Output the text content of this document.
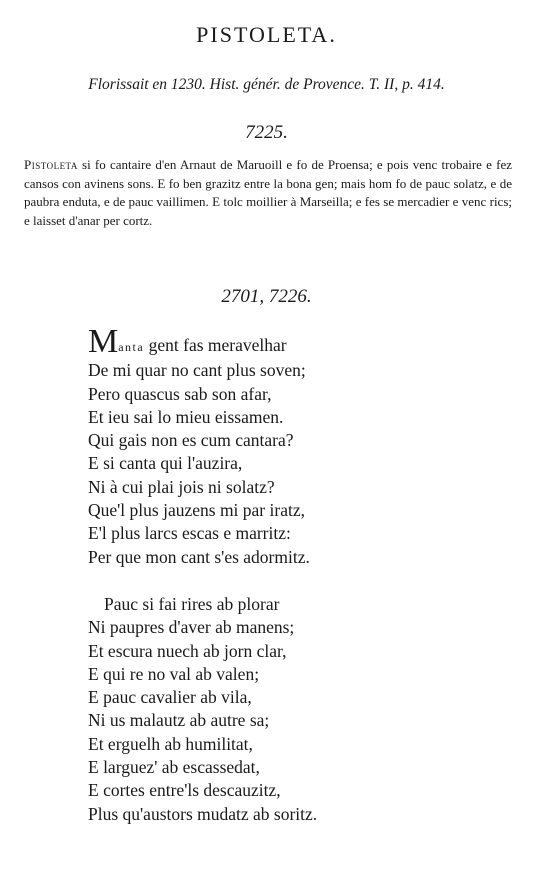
PISTOLETA.
Florissait en 1230. Hist. génér. de Provence. T. II, p. 414.
7225.
Pistoleta si fo cantaire d'en Arnaut de Maruoill e fo de Proensa; e pois venc trobaire e fez cansos con avinens sons. E fo ben grazitz entre la bona gen; mais hom fo de pauc solatz, e de paubra enduta, e de pauc vaillimen. E tolc moillier à Marseilla; e fes se mercadier e venc rics; e laisset d'anar per cortz.
2701, 7226.
Manta gent fas meravelhar
De mi quar no cant plus soven;
Pero quascus sab son afar,
Et ieu sai lo mieu eissamen.
Qui gais non es cum cantara?
E si canta qui l'auzira,
Ni à cui plai jois ni solatz?
Que'l plus jauzens mi par iratz,
E'l plus larcs escas e marritz:
Per que mon cant s'es adormitz.
Pauc si fai rires ab plorar
Ni paupres d'aver ab manens;
Et escura nuech ab jorn clar,
E qui re no val ab valen;
E pauc cavalier ab vila,
Ni us malautz ab autre sa;
Et erguelh ab humilitat,
E larguez' ab escassedat,
E cortes entre'ls descauzitz,
Plus qu'austors mudatz ab soritz.
